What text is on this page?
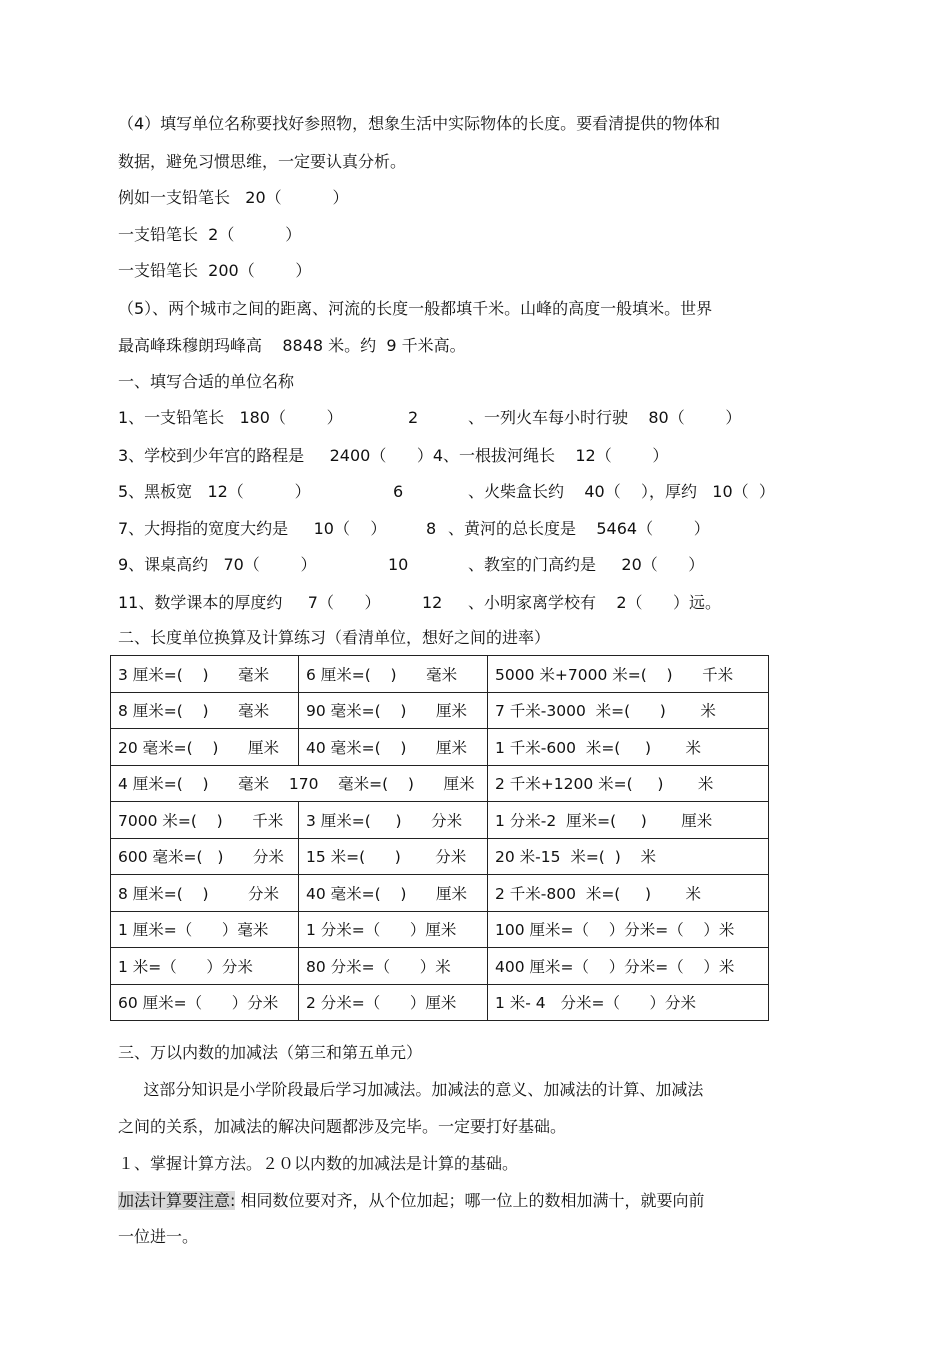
（4）填写单位名称要找好参照物，想象生活中实际物体的长度。要看清提供的物体和
数据，避免习惯思维，一定要认真分析。
例如一支铅笔长   20（          ）
一支铅笔长  2（          ）
一支铅笔长  200（        ）
（5）、两个城市之间的距离、河流的长度一般都填千米。山峰的高度一般填米。世界
最高峰珠穆朗玛峰高    8848 米。约  9 千米高。
一、填写合适的单位名称
1、一支铅笔长   180（        ）	2	、一列火车每小时行驶    80（        ）
3、学校到少年宫的路程是     2400（      ）4、一根拔河绳长    12（        ）
5、黑板宽   12（          ）	6	、火柴盒长约    40（    ），厚约   10（  ）
7、大拇指的宽度大约是     10（    ） 8 、黄河的总长度是    5464（        ）
9、课桌高约   70（        ）	10	、教室的门高约是     20（      ）
11、数学课本的厚度约     7（      ）	12 、小明家离学校有    2（      ）远。
二、长度单位换算及计算练习（看清单位，想好之间的进率）
3 厘米=(    )      毫米	6 厘米=(    )      毫米	5000 米+7000 米=(    )      千米
8 厘米=(    )      毫米	90 毫米=(    )      厘米	7 千米-3000  米=(      )       米
20 毫米=(    )      厘米	40 毫米=(    )      厘米	1 千米-600  米=(     )       米
4 厘米=(    )      毫米    170    毫米=(    )      厘米		2 千米+1200 米=(     )       米
7000 米=(    )      千米	3 厘米=(     )      分米	1 分米-2  厘米=(     )       厘米
600 毫米=(   )      分米	15 米=(      )       分米	20 米-15  米=(  )    米
8 厘米=(    )        分米	40 毫米=(    )      厘米	2 千米-800  米=(     )       米
1 厘米=（      ）毫米	1 分米=（      ）厘米	100 厘米=（    ）分米=（    ）米
1 米=（      ）分米	80 分米=（      ）米	400 厘米=（    ）分米=（    ）米
60 厘米=（      ）分米	2 分米=（      ）厘米	1 米- 4   分米=（      ）分米
三、万以内数的加减法（第三和第五单元）
这部分知识是小学阶段最后学习加减法。加减法的意义、加减法的计算、加减法
之间的关系，加减法的解决问题都涉及完毕。一定要打好基础。
１、掌握计算方法。２０以内数的加减法是计算的基础。
加法计算要注意: 相同数位要对齐，从个位加起；哪一位上的数相加满十，就要向前
一位进一。
